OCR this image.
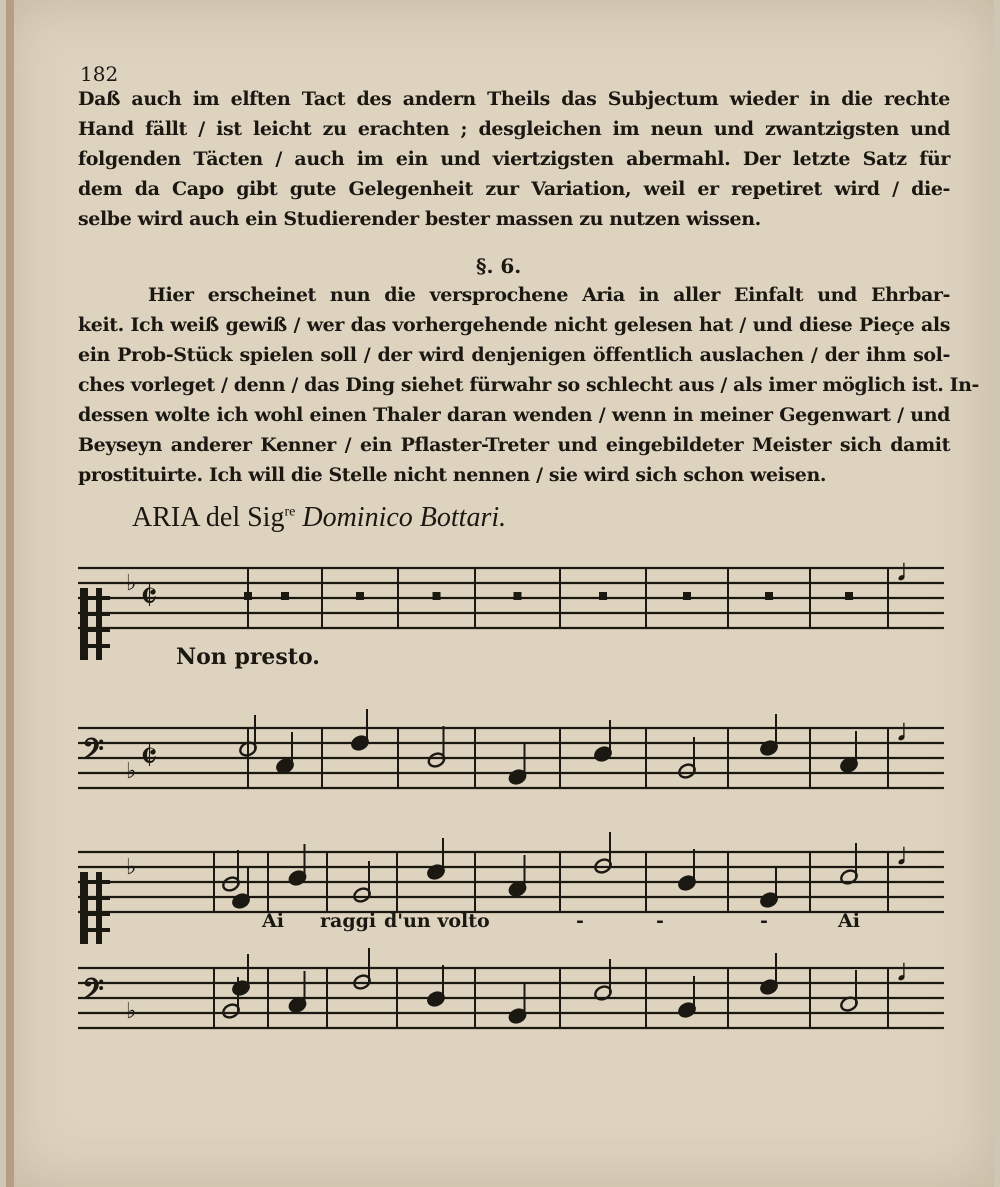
182
Daß auch im elften Tact des andern Theils das Subjectum wieder in die rechte
Hand fällt / ist leicht zu erachten ; desgleichen im neun und zwantzigsten und
folgenden Täcten / auch im ein und viertzigsten abermahl. Der letzte Satz für
dem da Capo gibt gute Gelegenheit zur Variation, weil er repetiret wird / die-
selbe wird auch ein Studierender bester massen zu nutzen wissen.
§. 6.
Hier erscheinet nun die versprochene Aria in aller Einfalt und Ehrbar-
keit. Ich weiß gewiß / wer das vorhergehende nicht gelesen hat / und diese Pieçe als
ein Prob-Stück spielen soll / der wird denjenigen öffentlich auslachen / der ihm sol-
ches vorleget / denn / das Ding siehet fürwahr so schlecht aus / als imer möglich ist. In-
dessen wolte ich wohl einen Thaler daran wenden / wenn in meiner Gegenwart / und
Beyseyn anderer Kenner / ein Pflaster-Treter und eingebildeter Meister sich damit
prostituirte. Ich will die Stelle nicht nennen / sie wird sich schon weisen.
ARIA del Sig$^{re}$ Dominico Bottari.
𝄵
♭
𝄢 𝄵
♭
♭
𝄢 ♭
𝅘𝅥
𝅘𝅥
𝅘𝅥
𝅘𝅥
Non presto.
Ai raggi d'un volto	-	-	-	Ai
